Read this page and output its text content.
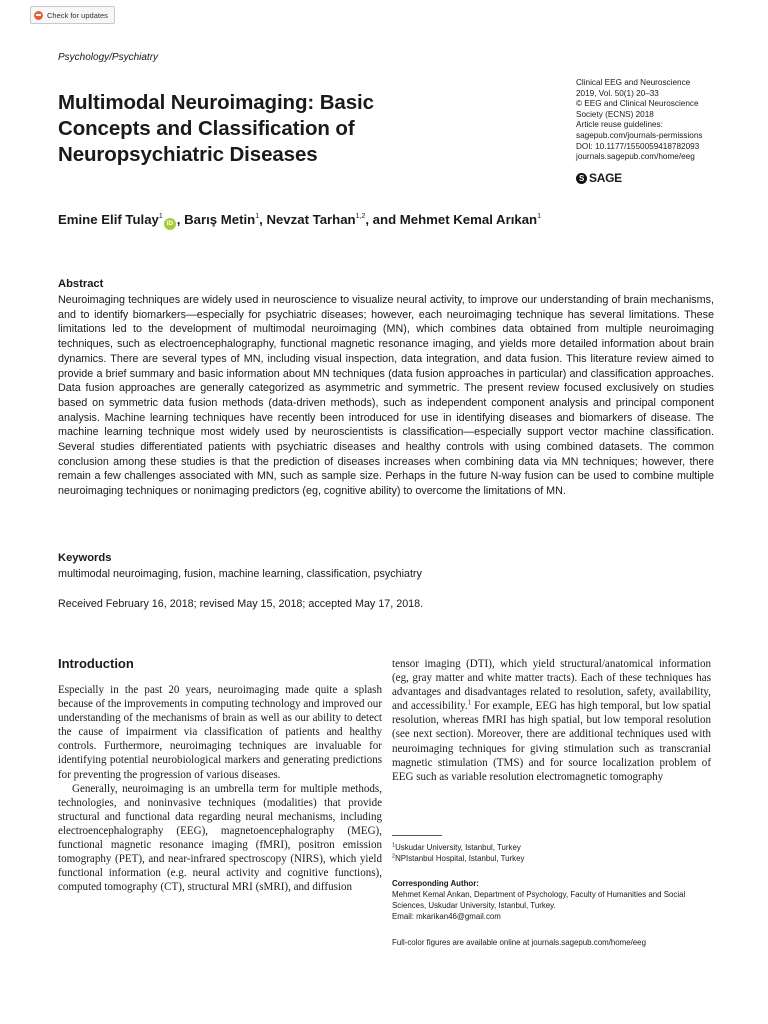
Check for updates
Psychology/Psychiatry
Multimodal Neuroimaging: Basic
Concepts and Classification of
Neuropsychiatric Diseases
Clinical EEG and Neuroscience
2019, Vol. 50(1) 20–33
© EEG and Clinical Neuroscience
Society (ECNS) 2018
Article reuse guidelines:
sagepub.com/journals-permissions
DOI: 10.1177/1550059418782093
journals.sagepub.com/home/eeg
S SAGE
Emine Elif Tulay$^1$iD , Barış Metin$^1$, Nevzat Tarhan$^{1,2}$, and Mehmet Kemal Arıkan$^1$
Abstract

Neuroimaging techniques are widely used in neuroscience to visualize neural activity, to improve our understanding of brain mechanisms, and to identify biomarkers—especially for psychiatric diseases; however, each neuroimaging technique has several limitations. These limitations led to the development of multimodal neuroimaging (MN), which combines data obtained from multiple neuroimaging techniques, such as electroencephalography, functional magnetic resonance imaging, and yields more detailed information about brain dynamics. There are several types of MN, including visual inspection, data integration, and data fusion. This literature review aimed to provide a brief summary and basic information about MN techniques (data fusion approaches in particular) and classification approaches. Data fusion approaches are generally categorized as asymmetric and symmetric. The present review focused exclusively on studies based on symmetric data fusion methods (data-driven methods), such as independent component analysis and principal component analysis. Machine learning techniques have recently been introduced for use in identifying diseases and biomarkers of disease. The machine learning technique most widely used by neuroscientists is classification—especially support vector machine classification. Several studies differentiated patients with psychiatric diseases and healthy controls with using combined datasets. The common conclusion among these studies is that the prediction of diseases increases when combining data via MN techniques; however, there remain a few challenges associated with MN, such as sample size. Perhaps in the future N-way fusion can be used to combine multiple neuroimaging techniques or nonimaging predictors (eg, cognitive ability) to overcome the limitations of MN.

Keywords
multimodal neuroimaging, fusion, machine learning, classification, psychiatry
Received February 16, 2018; revised May 15, 2018; accepted May 17, 2018.
Introduction

Especially in the past 20 years, neuroimaging made quite a splash because of the improvements in computing technology and improved our understanding of the mechanisms of brain as well as our ability to detect the cause of impairment via classification of patients and healthy controls. Furthermore, neuroimaging techniques are invaluable for identifying potential neurobiological markers and generating predictions for preventing the progression of various diseases.

Generally, neuroimaging is an umbrella term for multiple methods, technologies, and noninvasive techniques (modalities) that provide structural and functional data regarding neural mechanisms, including electroencephalography (EEG), magnetoencephalography (MEG), functional magnetic resonance imaging (fMRI), positron emission tomography (PET), and near-infrared spectroscopy (NIRS), which yield functional information (e.g. neural activity and cognitive functions), computed tomography (CT), structural MRI (sMRI), and diffusion

tensor imaging (DTI), which yield structural/anatomical information (eg, gray matter and white matter tracts). Each of these techniques has advantages and disadvantages related to resolution, safety, availability, and accessibility.$^1$ For example, EEG has high temporal, but low spatial resolution, whereas fMRI has high spatial, but low temporal resolution (see next section). Moreover, there are additional techniques used with neuroimaging techniques for giving stimulation such as transcranial magnetic stimulation (TMS) and for source localization problem of EEG such as variable resolution electromagnetic tomography

$^1$Uskudar University, Istanbul, Turkey
$^2$NPIstanbul Hospital, Istanbul, Turkey
Corresponding Author:
Mehmet Kemal Arıkan, Department of Psychology, Faculty of Humanities and Social Sciences, Uskudar University, Istanbul, Turkey.
Email: mkarikan46@gmail.com
Full-color figures are available online at journals.sagepub.com/home/eeg
